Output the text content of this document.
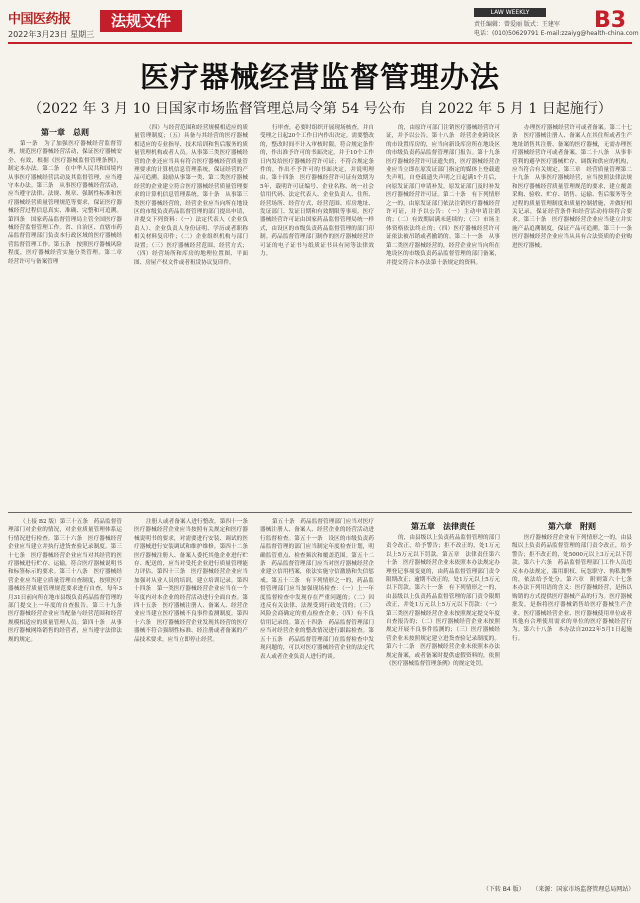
中国医药报
2022年3月23日 星期三
法规文件	LAW WEEKLY
责任编辑：曾爱丽 版式：王建军
电话：(010)50629791 E-mail:zzaiyg@health-china.com
B3
医疗器械经营监督管理办法
（2022 年 3 月 10 日国家市场监督管理总局令第 54 号公布　自 2022 年 5 月 1 日起施行）
第一章　总则
第一条　为了加强医疗器械经营监督管理，规范医疗器械经营活动，保证医疗器械安全、有效，根据《医疗器械监督管理条例》，制定本办法。第二条　在中华人民共和国境内从事医疗器械经营活动及其监督管理，应当遵守本办法。第三条　从事医疗器械经营活动，应当遵守法律、法规、规章、强制性标准和医疗器械经营质量管理规范等要求，保证医疗器械经营过程信息真实、准确、完整和可追溯。第四条　国家药品监督管理局主管全国医疗器械经营监督管理工作。省、自治区、直辖市药品监督管理部门负责本行政区域的医疗器械经营监督管理工作。第五条　按照医疗器械风险程度，医疗器械经营实施分类管理。第二章　经营许可与备案管理
（四）与经营范围和经营规模相适应的质量管理制度；（五）具备与其经营的医疗器械相适应的专业指导、技术培训和售后服务的质量管理机构或者人员。从事第三类医疗器械经营的企业还应当具有符合医疗器械经营质量管理要求的计算机信息管理系统，保证经营的产品可追溯。鼓励从事第一类、第二类医疗器械经营的企业建立符合医疗器械经营质量管理要求的计算机信息管理系统。第十条　从事第三类医疗器械经营的，经营企业应当向所在地设区的市级负责药品监督管理的部门提出申请，并提交下列资料：（一）法定代表人（企业负责人）、企业负责人身份证明、学历或者职称相关材料复印件；（二）企业组织机构与部门设置；（三）医疗器械经营范围、经营方式；（四）经营场所和库房的地理位置图、平面图、房屋产权文件或者租赁协议复印件。
行审查，必要时组织开展现场核查，并自受理之日起20个工作日内作出决定。需要整改的，整改时间不计入审核时限。符合规定条件的，作出准予许可的书面决定，并于10个工作日内发给医疗器械经营许可证；不符合规定条件的，作出不予许可的书面决定，并说明理由。第十四条　医疗器械经营许可证有效期为5年，载明许可证编号、企业名称、统一社会信用代码、法定代表人、企业负责人、住所、经营场所、经营方式、经营范围、库房地址、发证部门、发证日期和有效期限等事项。医疗器械经营许可证由国家药品监督管理局统一样式，由设区的市级负责药品监督管理的部门印制。药品监督管理部门制作的医疗器械经营许可证的电子证书与纸质证书具有同等法律效力。
的，由原许可部门注销医疗器械经营许可证，并予以公告。第十八条　经营企业跨设区的市设置库房的，应当向新设库房所在地设区的市级负责药品监督管理部门报告。第十九条　医疗器械经营许可证遗失的，医疗器械经营企业应当立即在原发证部门指定的媒体上登载遗失声明。自登载遗失声明之日起满1个月后，向原发证部门申请补发。原发证部门及时补发医疗器械经营许可证。第二十条　有下列情形之一的，由原发证部门依法注销医疗器械经营许可证，并予以公告：（一）主动申请注销的；（二）有效期届满未延续的；（三）市场主体资格依法终止的；（四）医疗器械经营许可证依法被吊销或者撤销的。第二十一条　从事第二类医疗器械经营的，经营企业应当向所在地设区的市级负责药品监督管理的部门备案，并提交符合本办法第十条规定的资料。
办理医疗器械经营许可或者备案。第二十七条　医疗器械注册人、备案人在其住所或者生产地址销售其注册、备案的医疗器械，无需办理医疗器械经营许可或者备案。第二十八条　从事非营利的避孕医疗器械贮存、调拨和供应的机构，应当符合有关规定。第三章　经营质量管理第二十九条　从事医疗器械经营，应当按照法律法规和医疗器械经营质量管理规范的要求，建立覆盖采购、验收、贮存、销售、运输、售后服务等全过程的质量管理制度和质量控制措施，并做好相关记录，保证经营条件和经营活动持续符合要求。第三十条　医疗器械经营企业应当建立并实施产品追溯制度，保证产品可追溯。第三十一条　医疗器械经营企业应当从具有合法资质的企业购进医疗器械。
（上接 B2 版）第三十五条　药品监督管理部门对企业的情况，对企业质量管理体系运行情况进行检查。第三十六条　医疗器械经营企业应当建立并执行进货查验记录制度。第三十七条　医疗器械经营企业应当对其经营的医疗器械进行贮存、运输，符合医疗器械说明书和标签标示的要求。第三十八条　医疗器械经营企业应当建立质量管理自查制度，按照医疗器械经营质量管理规范要求进行自查，每年3月31日前向所在地市县级负责药品监督管理的部门提交上一年度的自查报告。第三十九条　医疗器械经营企业应当配备与经营范围和经营规模相适应的质量管理人员。第四十条　从事医疗器械网络销售的经营者，应当遵守法律法规的规定。
注册人或者备案人进行整改。第四十一条　医疗器械经营企业应当按照有关规定和医疗器械说明书的要求，对需要进行安装、调试的医疗器械进行安装调试和维护维修。第四十二条　医疗器械注册人、备案人委托其他企业进行贮存、配送的，应当对受托企业进行质量管理能力评估。第四十三条　医疗器械经营企业应当加强对从业人员的培训，建立培训记录。第四十四条　第一类医疗器械经营企业应当在一个年度内对本企业的经营活动进行全面自查。第四十五条　医疗器械注册人、备案人、经营企业应当建立医疗器械不良事件监测制度。第四十六条　医疗器械经营企业发现其经营的医疗器械不符合强制性标准、经注册或者备案的产品技术要求，应当立即停止经营。
第五十条　药品监督管理部门应当对医疗器械注册人、备案人、经营企业的经营活动进行监督检查。第五十一条　设区的市级负责药品监督管理的部门应当制定年度检查计划，明确监管重点、检查频次和覆盖范围。第五十二条　药品监督管理部门应当对医疗器械经营企业建立信用档案，依法实施守信激励和失信惩戒。第五十三条　有下列情形之一的，药品监督管理部门应当加强现场检查：（一）上一年度监督检查中发现存在严重问题的；（二）因违反有关法律、法规受到行政处罚的；（三）风险会商确定的重点检查企业；（四）有不良信用记录的。第五十四条　药品监督管理部门应当对经营企业的整改情况进行跟踪检查。第五十五条　药品监督管理部门在监督检查中发现问题的，可以对医疗器械经营企业的法定代表人或者企业负责人进行约谈。
第五章　法律责任
的，由县级以上负责药品监督管理的部门责令改正，给予警告；拒不改正的，处1万元以上5万元以下罚款。第五章　法律责任第六十条　医疗器械经营企业未依照本办法规定办理登记事项变更的，由药品监督管理部门责令限期改正；逾期不改正的，处1万元以上5万元以下罚款。第六十一条　有下列情形之一的，由县级以上负责药品监督管理的部门责令限期改正，并处1万元以上5万元以下罚款：（一）第三类医疗器械经营企业未按照规定提交年度自查报告的；（二）医疗器械经营企业未按照规定开展不良事件监测的；（三）医疗器械经营企业未按照规定建立进货查验记录制度的。第六十二条　医疗器械经营企业未依照本办法规定备案，或者备案时提供虚假资料的，依照《医疗器械监督管理条例》的规定处罚。
第六章　附则
医疗器械经营企业有下列情形之一的，由县级以上负责药品监督管理的部门责令改正，给予警告；拒不改正的，处5000元以上3万元以下罚款。第六十六条　药品监督管理部门工作人员违反本办法规定，滥用职权、玩忽职守、徇私舞弊的，依法给予处分。第六章　附则第六十七条　本办法下列用语的含义：医疗器械经营，是指以购销的方式提供医疗器械产品的行为。医疗器械批发，是指将医疗器械销售给医疗器械生产企业、医疗器械经营企业、医疗器械使用单位或者其他有合理使用需求的单位的医疗器械经营行为。第六十八条　本办法自2022年5月1日起施行。
（下转 B4 版） （来源：国家市场监督管理总局网站）
